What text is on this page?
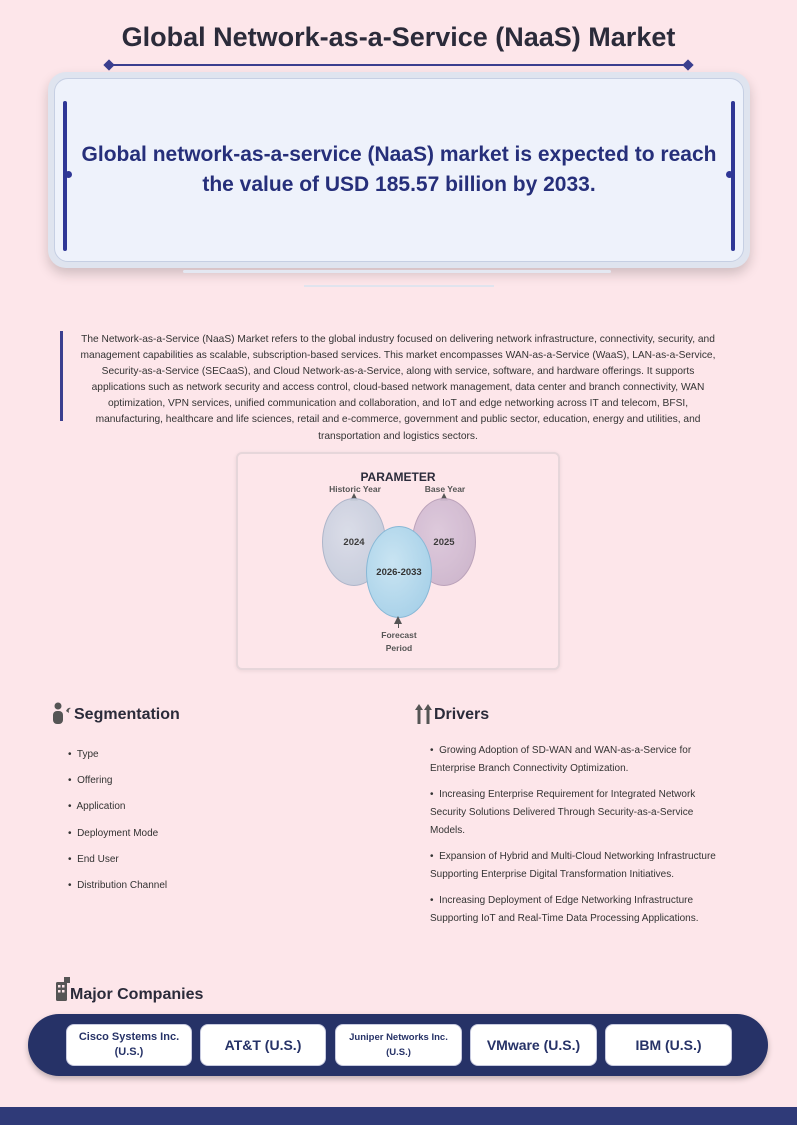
Global Network-as-a-Service (NaaS) Market
Global network-as-a-service (NaaS) market is expected to reach the value of USD 185.57 billion by 2033.
The Network-as-a-Service (NaaS) Market refers to the global industry focused on delivering network infrastructure, connectivity, security, and management capabilities as scalable, subscription-based services. This market encompasses WAN-as-a-Service (WaaS), LAN-as-a-Service, Security-as-a-Service (SECaaS), and Cloud Network-as-a-Service, along with service, software, and hardware offerings. It supports applications such as network security and access control, cloud-based network management, data center and branch connectivity, WAN optimization, VPN services, unified communication and collaboration, and IoT and edge networking across IT and telecom, BFSI, manufacturing, healthcare and life sciences, retail and e-commerce, government and public sector, education, energy and utilities, and transportation and logistics sectors.
PARAMETER
Historic Year	Base Year
2024	2025
2026-2033
Forecast
Period
Segmentation
•  Type
•  Offering
•  Application
•  Deployment Mode
•  End User
•  Distribution Channel
Drivers
•  Growing Adoption of SD-WAN and WAN-as-a-Service for Enterprise Branch Connectivity Optimization.
•  Increasing Enterprise Requirement for Integrated Network Security Solutions Delivered Through Security-as-a-Service Models.
•  Expansion of Hybrid and Multi-Cloud Networking Infrastructure Supporting Enterprise Digital Transformation Initiatives.
•  Increasing Deployment of Edge Networking Infrastructure Supporting IoT and Real-Time Data Processing Applications.
Major Companies
Cisco Systems Inc. (U.S.)	AT&T (U.S.)	Juniper Networks Inc. (U.S.)	VMware (U.S.)	IBM (U.S.)
